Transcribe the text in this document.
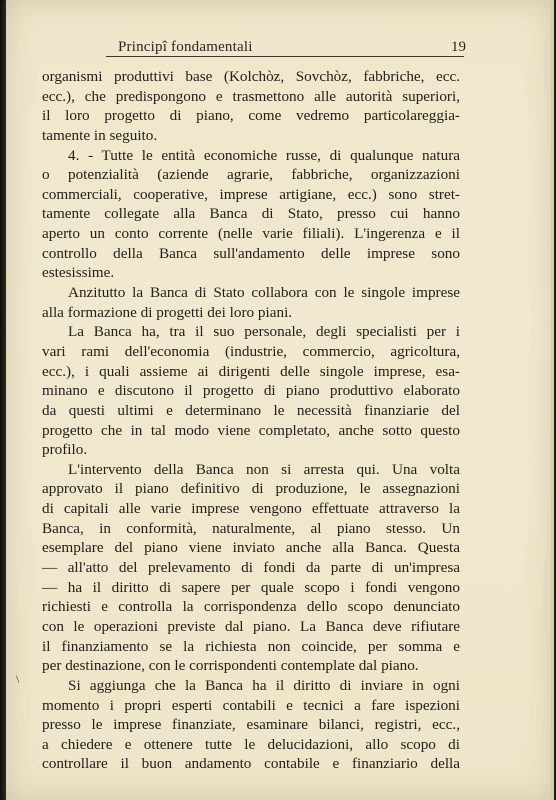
Principî fondamentali	19
organismi produttivi base (Kolchòz, Sovchòz, fabbriche, ecc.
ecc.), che predispongono e trasmettono alle autorità superiori,
il loro progetto di piano, come vedremo particolareggia-
tamente in seguito.
4. - Tutte le entità economiche russe, di qualunque natura
o potenzialità (aziende agrarie, fabbriche, organizzazioni
commerciali, cooperative, imprese artigiane, ecc.) sono stret-
tamente collegate alla Banca di Stato, presso cui hanno
aperto un conto corrente (nelle varie filiali). L'ingerenza e il
controllo della Banca sull'andamento delle imprese sono
estesissime.
Anzitutto la Banca di Stato collabora con le singole imprese
alla formazione di progetti dei loro piani.
La Banca ha, tra il suo personale, degli specialisti per i
vari rami dell'economia (industrie, commercio, agricoltura,
ecc.), i quali assieme ai dirigenti delle singole imprese, esa-
minano e discutono il progetto di piano produttivo elaborato
da questi ultimi e determinano le necessità finanziarie del
progetto che in tal modo viene completato, anche sotto questo
profilo.
L'intervento della Banca non si arresta qui. Una volta
approvato il piano definitivo di produzione, le assegnazioni
di capitali alle varie imprese vengono effettuate attraverso la
Banca, in conformità, naturalmente, al piano stesso. Un
esemplare del piano viene inviato anche alla Banca. Questa
— all'atto del prelevamento di fondi da parte di un'impresa
— ha il diritto di sapere per quale scopo i fondi vengono
richiesti e controlla la corrispondenza dello scopo denunciato
con le operazioni previste dal piano. La Banca deve rifiutare
il finanziamento se la richiesta non coincide, per somma e
per destinazione, con le corrispondenti contemplate dal piano.
Si aggiunga che la Banca ha il diritto di inviare in ogni
momento i propri esperti contabili e tecnici a fare ispezioni
presso le imprese finanziate, esaminare bilanci, registri, ecc.,
a chiedere e ottenere tutte le delucidazioni, allo scopo di
controllare il buon andamento contabile e finanziario della
\
